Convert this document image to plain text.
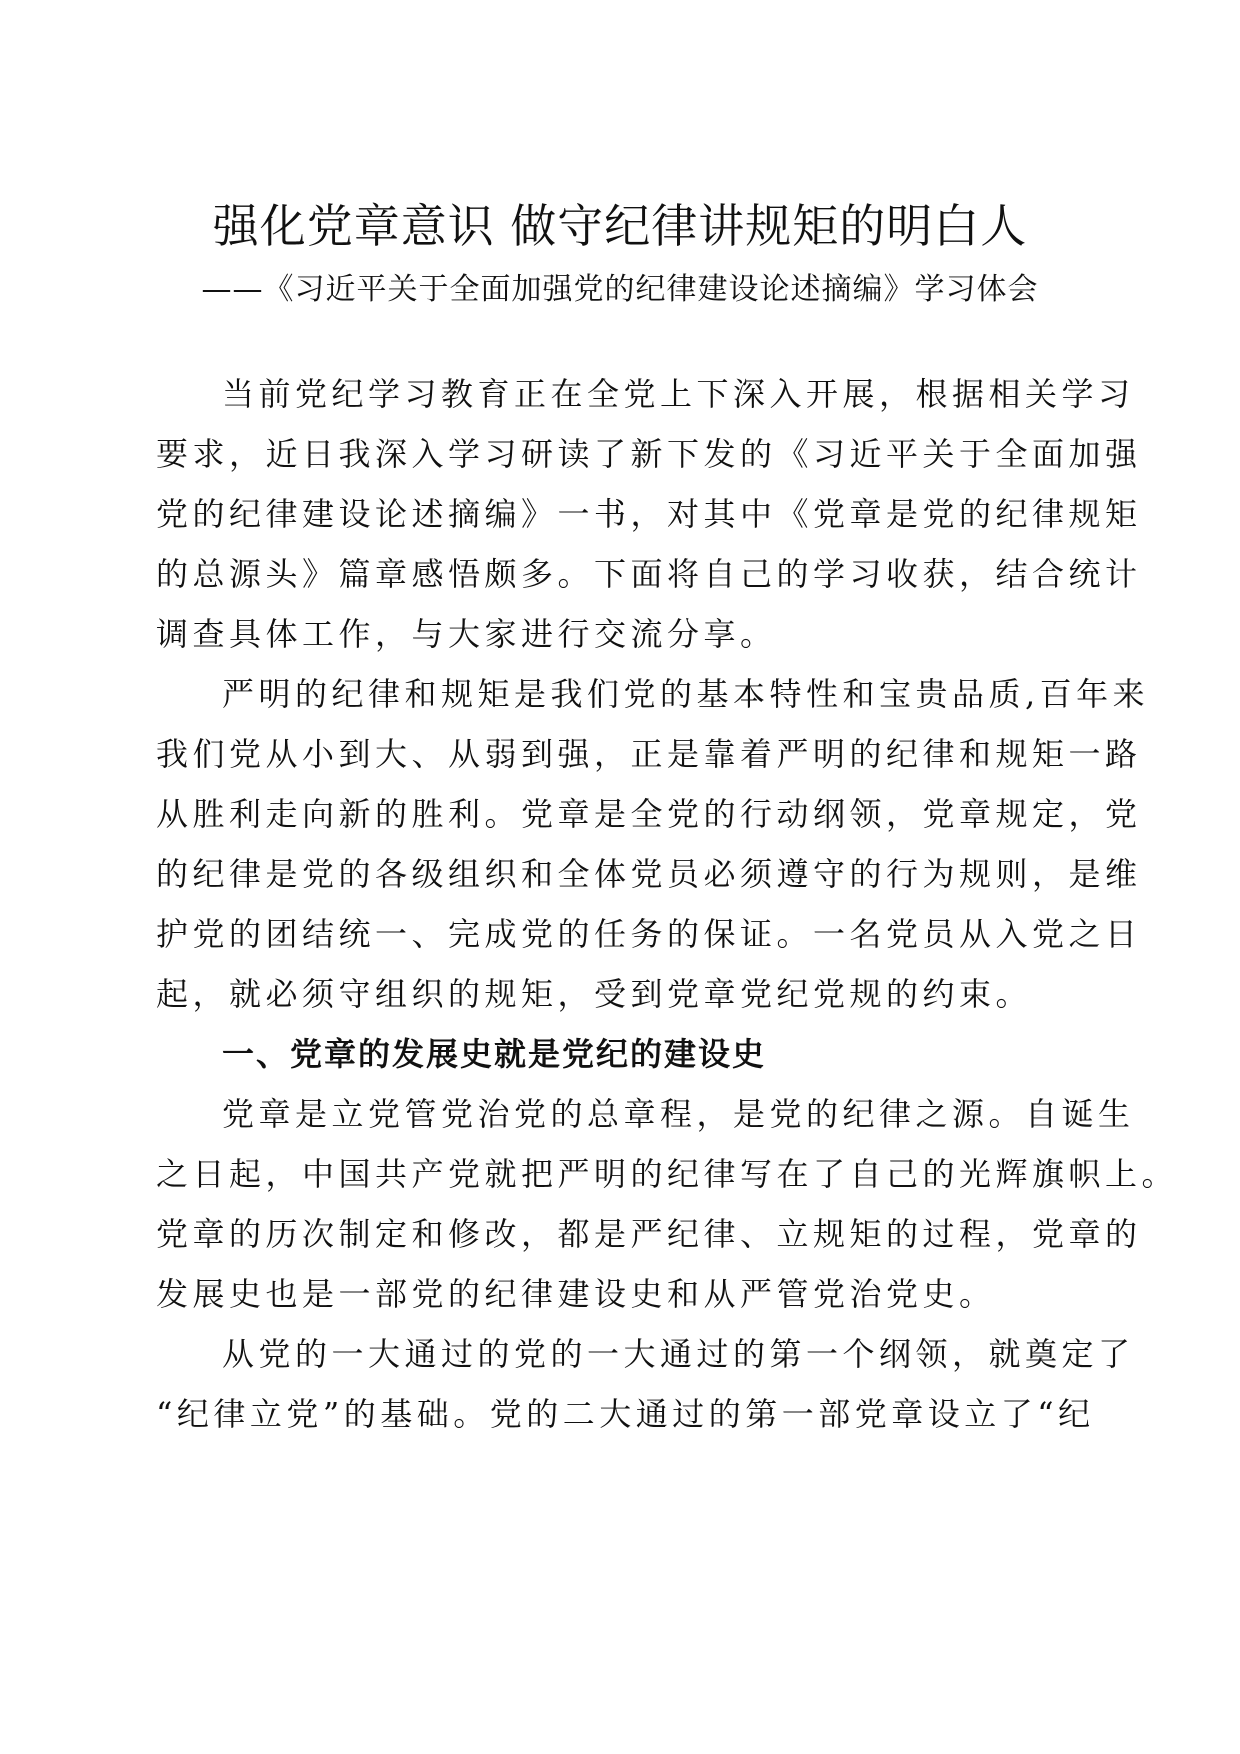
强化党章意识 做守纪律讲规矩的明白人
——《习近平关于全面加强党的纪律建设论述摘编》学习体会
当前党纪学习教育正在全党上下深入开展，根据相关学习
要求，近日我深入学习研读了新下发的《习近平关于全面加强
党的纪律建设论述摘编》一书，对其中《党章是党的纪律规矩
的总源头》篇章感悟颇多。下面将自己的学习收获，结合统计
调查具体工作，与大家进行交流分享。
严明的纪律和规矩是我们党的基本特性和宝贵品质,百年来
我们党从小到大、从弱到强，正是靠着严明的纪律和规矩一路
从胜利走向新的胜利。党章是全党的行动纲领，党章规定，党
的纪律是党的各级组织和全体党员必须遵守的行为规则，是维
护党的团结统一、完成党的任务的保证。一名党员从入党之日
起，就必须守组织的规矩，受到党章党纪党规的约束。
一、党章的发展史就是党纪的建设史
党章是立党管党治党的总章程，是党的纪律之源。自诞生
之日起，中国共产党就把严明的纪律写在了自己的光辉旗帜上。
党章的历次制定和修改，都是严纪律、立规矩的过程，党章的
发展史也是一部党的纪律建设史和从严管党治党史。
从党的一大通过的党的一大通过的第一个纲领，就奠定了
“纪律立党”的基础。党的二大通过的第一部党章设立了“纪
